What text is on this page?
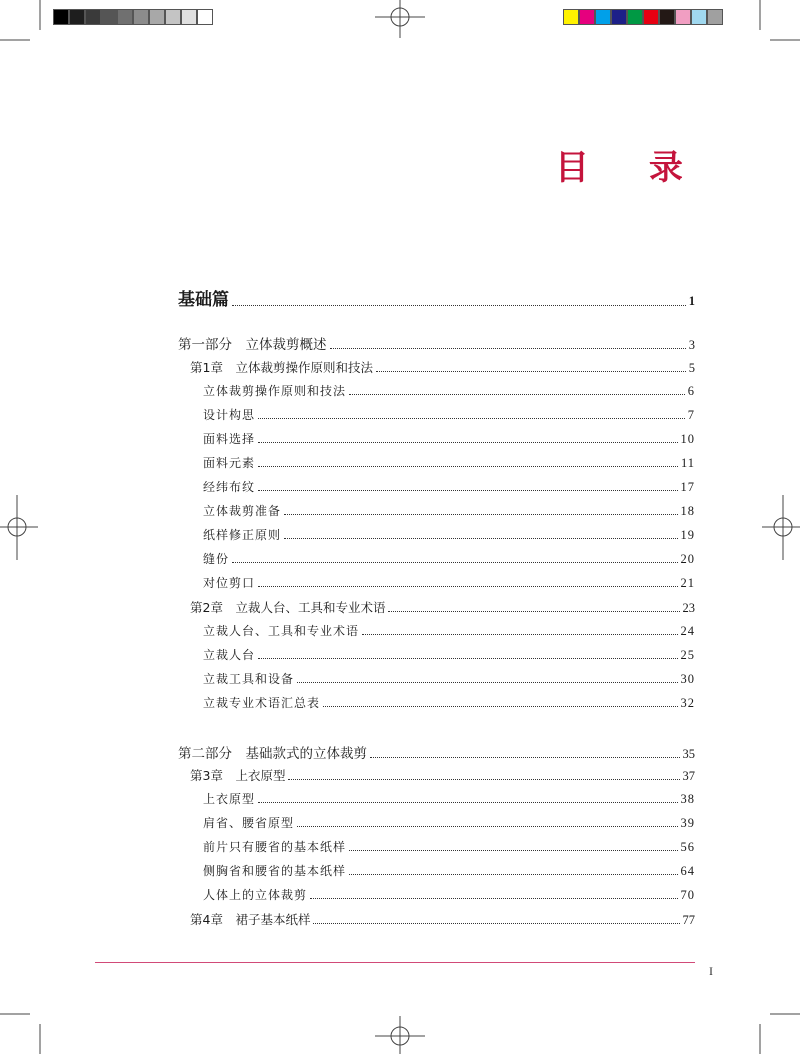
目 录
基础篇	1
第一部分　立体裁剪概述	3
第1章　立体裁剪操作原则和技法	5
立体裁剪操作原则和技法	6
设计构思	7
面料选择	10
面料元素	11
经纬布纹	17
立体裁剪准备	18
纸样修正原则	19
缝份	20
对位剪口	21
第2章　立裁人台、工具和专业术语	23
立裁人台、工具和专业术语	24
立裁人台	25
立裁工具和设备	30
立裁专业术语汇总表	32
第二部分　基础款式的立体裁剪	35
第3章　上衣原型	37
上衣原型	38
肩省、腰省原型	39
前片只有腰省的基本纸样	56
侧胸省和腰省的基本纸样	64
人体上的立体裁剪	70
第4章　裙子基本纸样	77
I
